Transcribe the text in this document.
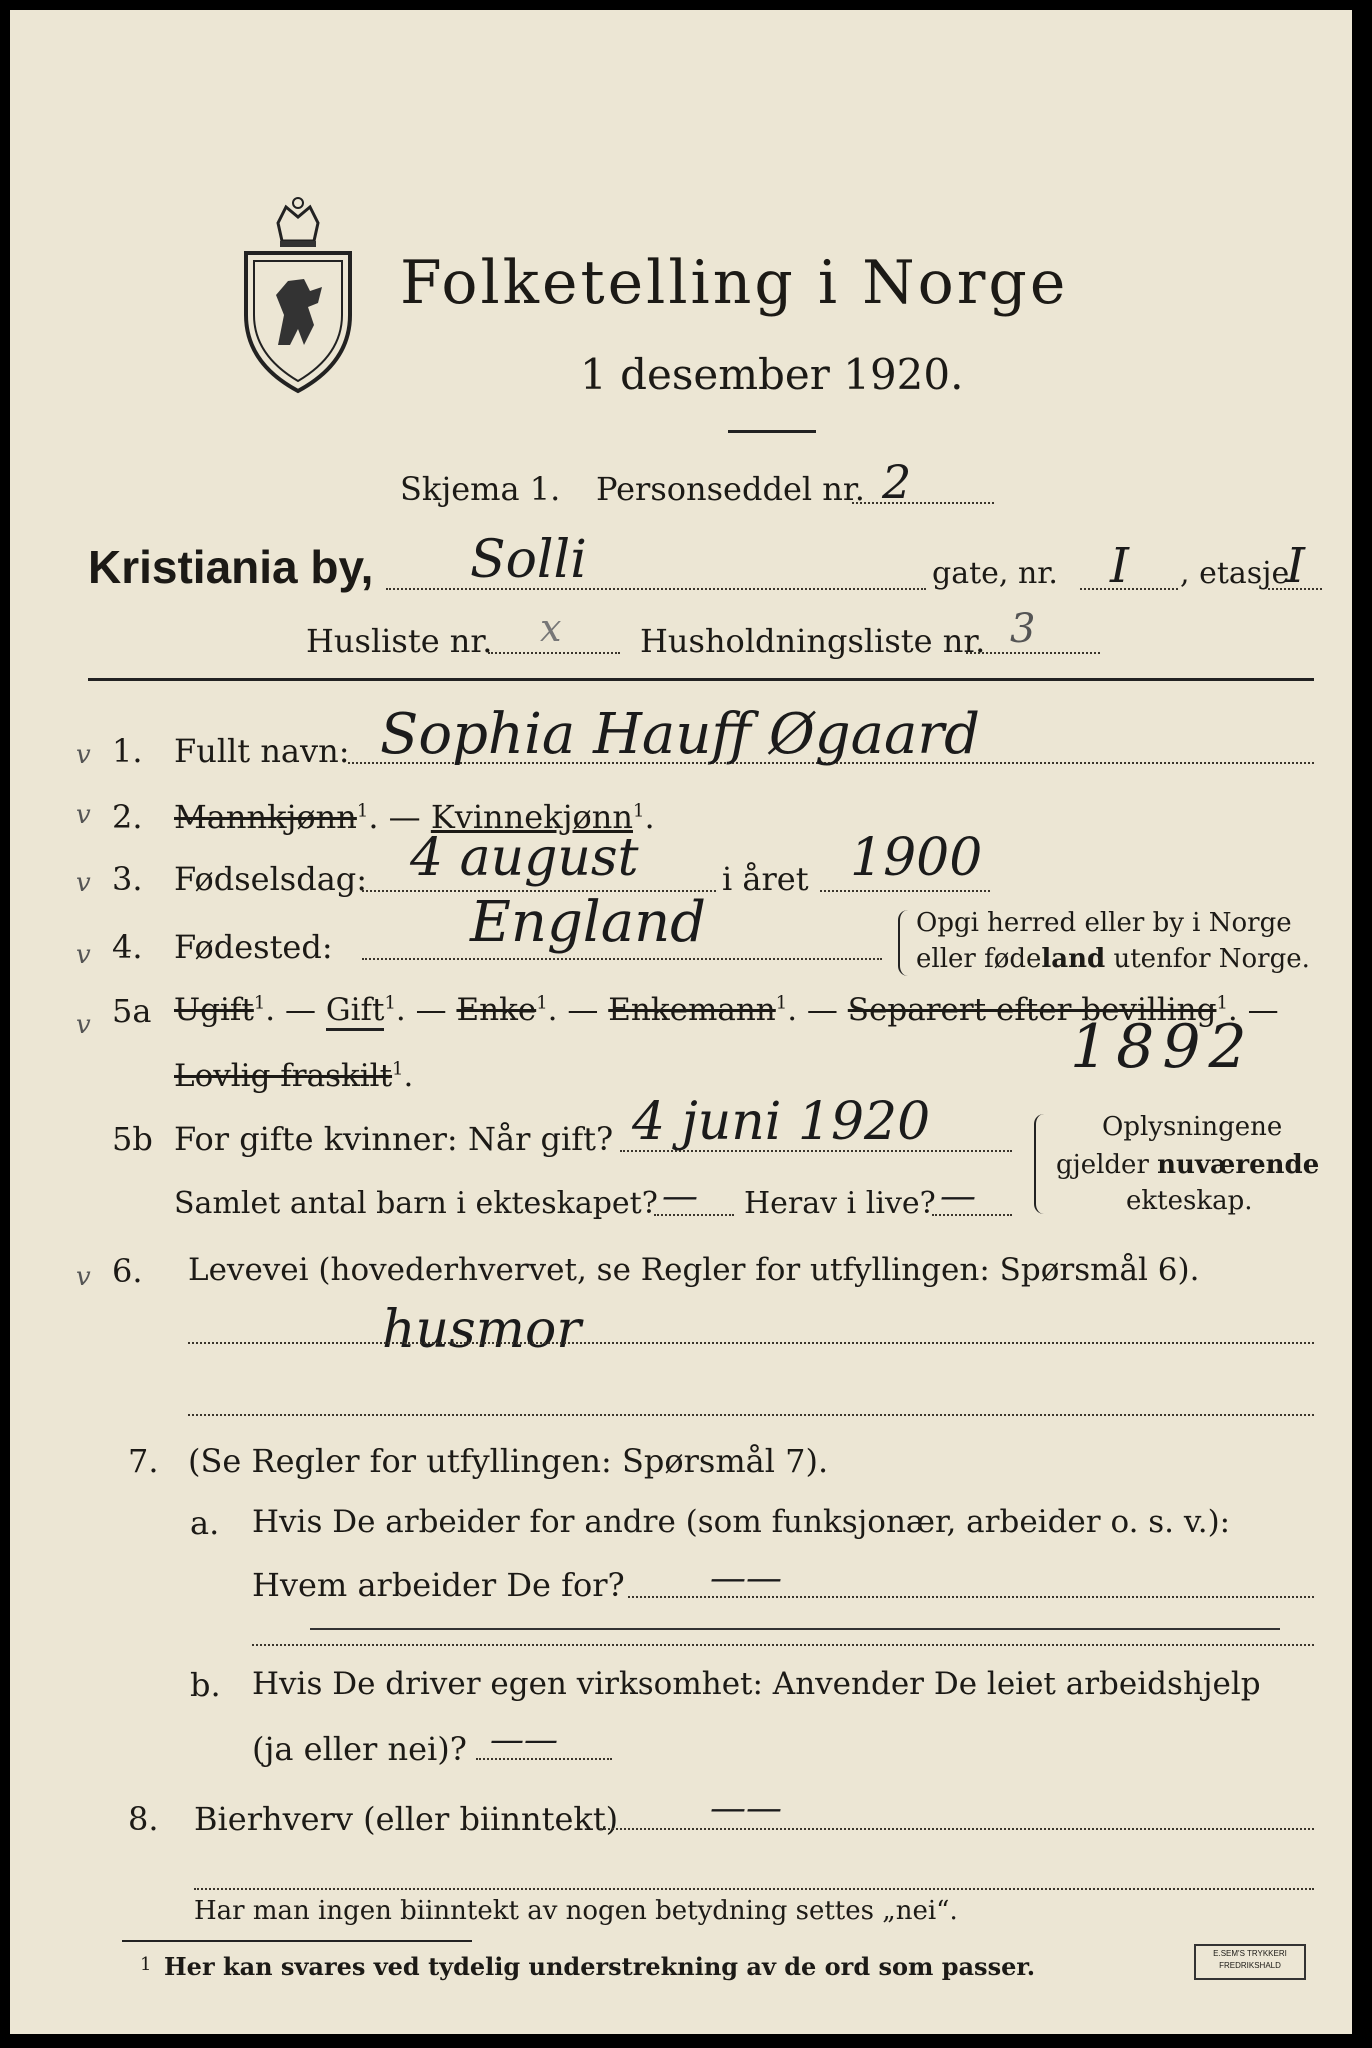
Folketelling i Norge
1 desember 1920.
Skjema 1. Personseddel nr. 2
Kristiania by, Solli	gate, nr. I , etasje
I
Husliste nr. x Husholdningsliste nr. 3
v
v
v
v
v
v
1. Fullt navn: Sophia Hauff Øgaard
2. Mannkjønn$^1$. — Kvinnekjønn$^1$.
3. Fødselsdag: 4 august	i året 1900
4. Fødested: England	Opgi herred eller by i Norge
eller fødeland utenfor Norge.
5a Ugift$^1$. — Gift$^1$. — Enke$^1$. — Enkemann$^1$. — Separert efter bevilling$^1$. —
Lovlig fraskilt$^1$.	1892
5b For gifte kvinner: Når gift? 4 juni 1920
Samlet antal barn i ekteskapet? — Herav i live? —
Oplysningene
gjelder nuværende
ekteskap.
6. Levevei (hovederhvervet, se Regler for utfyllingen: Spørsmål 6).
husmor
7. (Se Regler for utfyllingen: Spørsmål 7).
a. Hvis De arbeider for andre (som funksjonær, arbeider o. s. v.):
Hvem arbeider De for? ——
b. Hvis De driver egen virksomhet: Anvender De leiet arbeidshjelp
(ja eller nei)? ——
8. Bierhverv (eller biinntekt)	——
Har man ingen biinntekt av nogen betydning settes „nei“.
1 Her kan svares ved tydelig understrekning av de ord som passer.	E.SEM'S TRYKKERI
FREDRIKSHALD
